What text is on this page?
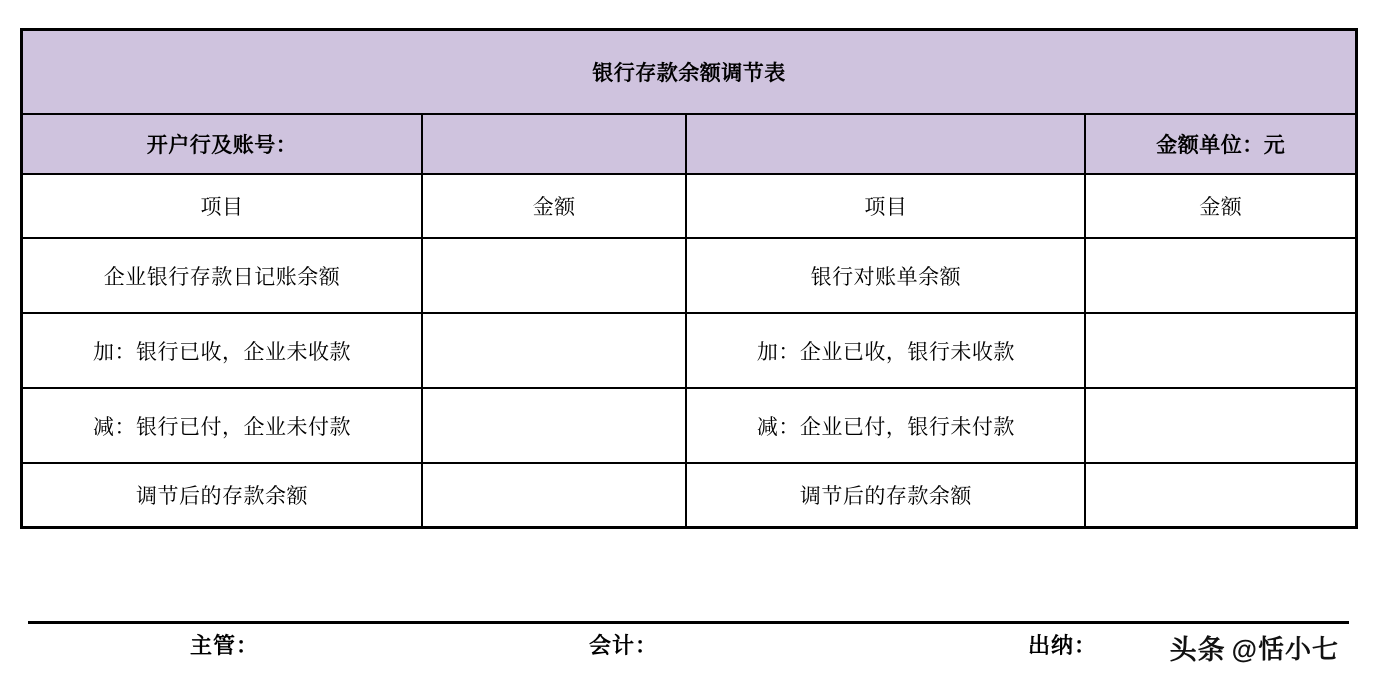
银行存款余额调节表			
开户行及账号：			金额单位：元
项目	金额	项目	金额
企业银行存款日记账余额		银行对账单余额	
加：银行已收，企业未收款		加：企业已收，银行未收款	
减：银行已付，企业未付款		减：企业已付，银行未付款	
调节后的存款余额		调节后的存款余额	
主管：	会计：	出纳：	头条 @恬小七
